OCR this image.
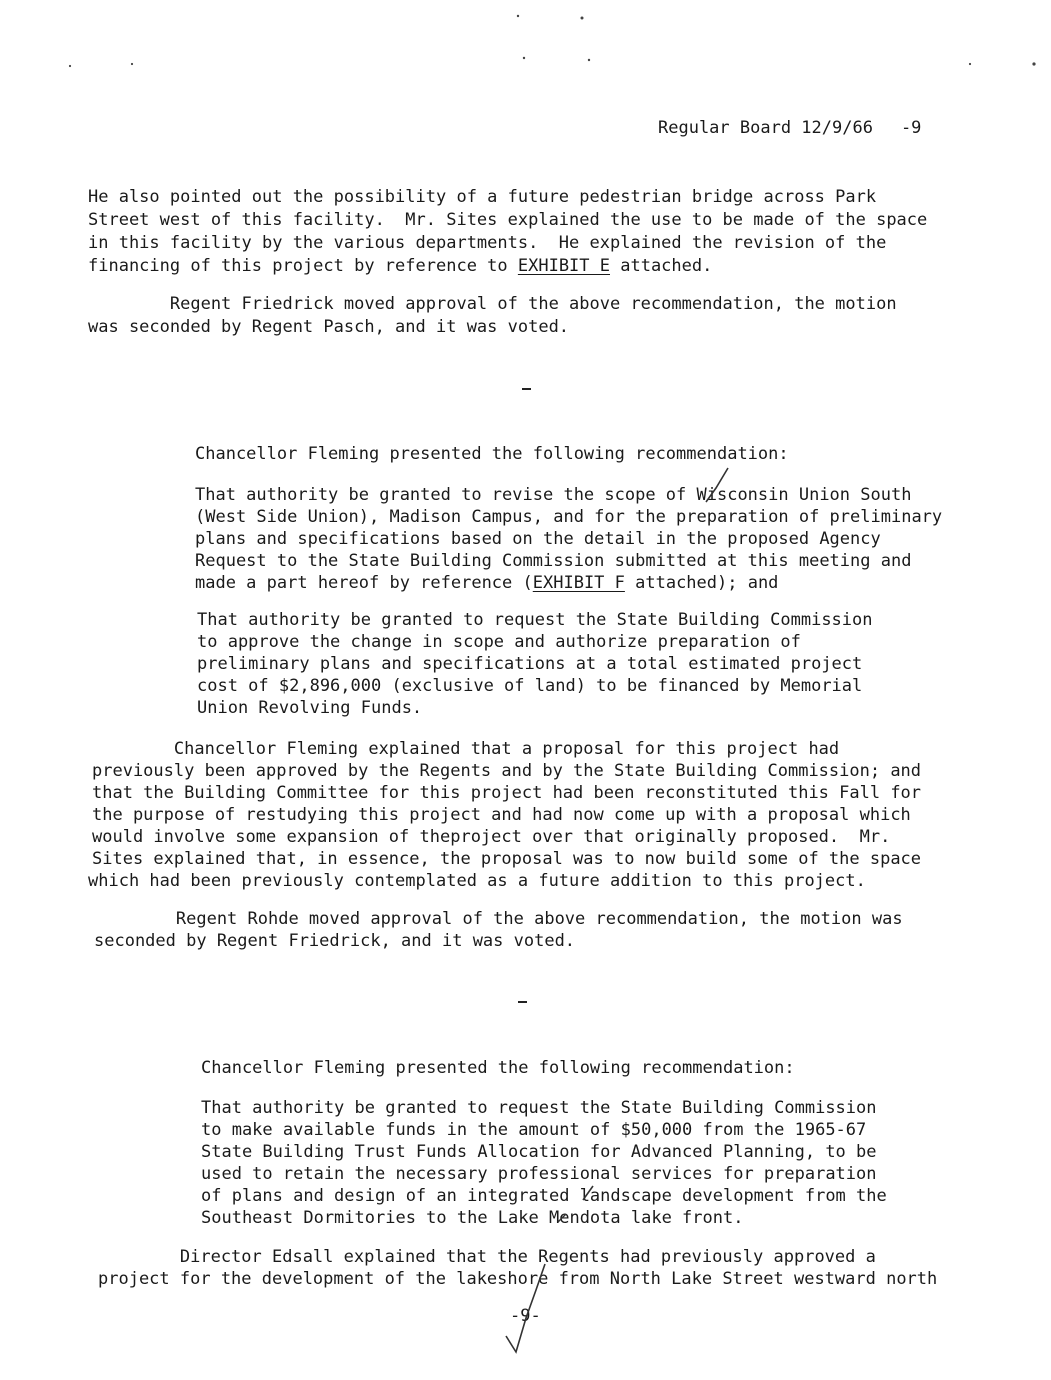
Regular Board 12/9/66 -9
He also pointed out the possibility of a future pedestrian bridge across Park
Street west of this facility.  Mr. Sites explained the use to be made of the space
in this facility by the various departments.  He explained the revision of the
financing of this project by reference to EXHIBIT E attached.
Regent Friedrick moved approval of the above recommendation, the motion
was seconded by Regent Pasch, and it was voted.
Chancellor Fleming presented the following recommendation:
That authority be granted to revise the scope of Wisconsin Union South
(West Side Union), Madison Campus, and for the preparation of preliminary
plans and specifications based on the detail in the proposed Agency
Request to the State Building Commission submitted at this meeting and
made a part hereof by reference (EXHIBIT F attached); and
That authority be granted to request the State Building Commission
to approve the change in scope and authorize preparation of
preliminary plans and specifications at a total estimated project
cost of $2,896,000 (exclusive of land) to be financed by Memorial
Union Revolving Funds.
Chancellor Fleming explained that a proposal for this project had
previously been approved by the Regents and by the State Building Commission; and
that the Building Committee for this project had been reconstituted this Fall for
the purpose of restudying this project and had now come up with a proposal which
would involve some expansion of theproject over that originally proposed.  Mr.
Sites explained that, in essence, the proposal was to now build some of the space
which had been previously contemplated as a future addition to this project.
Regent Rohde moved approval of the above recommendation, the motion was
seconded by Regent Friedrick, and it was voted.
Chancellor Fleming presented the following recommendation:
That authority be granted to request the State Building Commission
to make available funds in the amount of $50,000 from the 1965-67
State Building Trust Funds Allocation for Advanced Planning, to be
used to retain the necessary professional services for preparation
of plans and design of an integrated landscape development from the
Southeast Dormitories to the Lake Mendota lake front.
Director Edsall explained that the Regents had previously approved a
project for the development of the lakeshore from North Lake Street westward north
-9-
